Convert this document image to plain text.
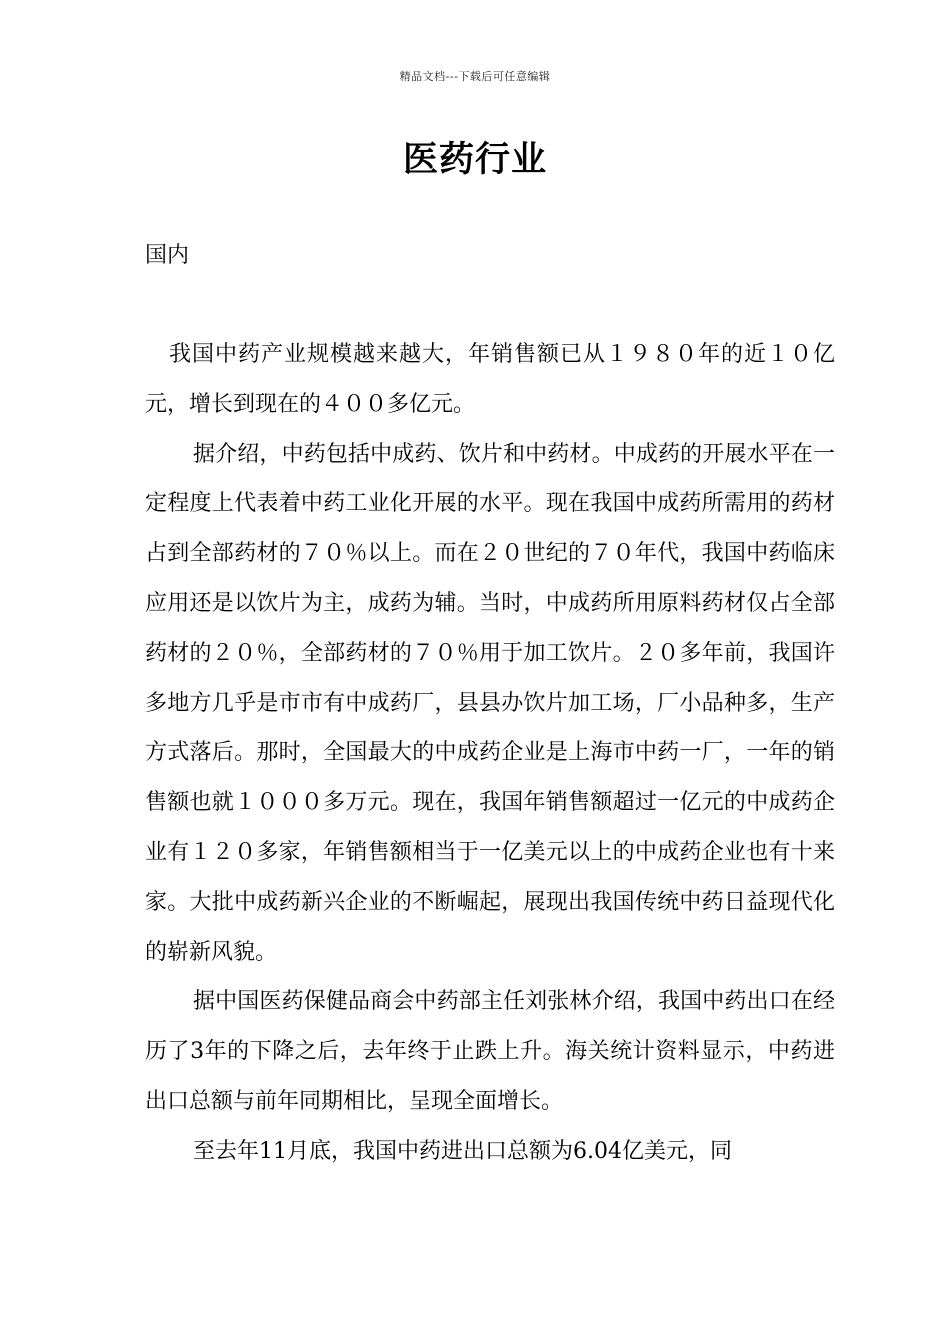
精品文档---下载后可任意编辑
医药行业
国内

我国中药产业规模越来越大，年销售额已从１９８０年的近１０亿元，增长到现在的４００多亿元。

据介绍，中药包括中成药、饮片和中药材。中成药的开展水平在一定程度上代表着中药工业化开展的水平。现在我国中成药所需用的药材占到全部药材的７０％以上。而在２０世纪的７０年代，我国中药临床应用还是以饮片为主，成药为辅。当时，中成药所用原料药材仅占全部药材的２０％，全部药材的７０％用于加工饮片。２０多年前，我国许多地方几乎是市市有中成药厂，县县办饮片加工场，厂小品种多，生产方式落后。那时，全国最大的中成药企业是上海市中药一厂，一年的销售额也就１０００多万元。现在，我国年销售额超过一亿元的中成药企业有１２０多家，年销售额相当于一亿美元以上的中成药企业也有十来家。大批中成药新兴企业的不断崛起，展现出我国传统中药日益现代化的崭新风貌。

据中国医药保健品商会中药部主任刘张林介绍，我国中药出口在经历了3年的下降之后，去年终于止跌上升。海关统计资料显示，中药进出口总额与前年同期相比，呈现全面增长。

至去年11月底，我国中药进出口总额为6.04亿美元，同
